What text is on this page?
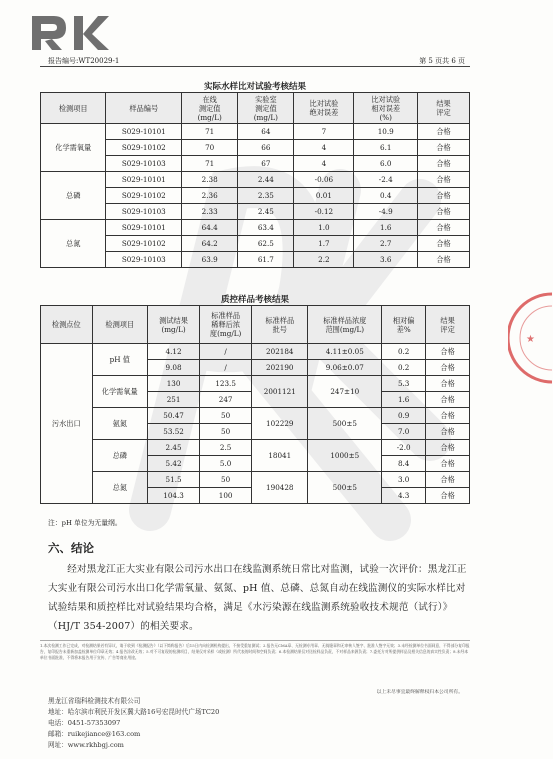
报告编号:WT20029-1	第 5 页共 6 页
实际水样比对试验考核结果
检测项目	样品编号	在线
测定值
(mg/L)	实验室
测定值
(mg/L)	比对试验
绝对误差	比对试验
相对误差
(%)	结果
评定
化学需氧量	S029-10101	71	64	7	10.9	合格
	S029-10102	70	66	4	6.1	合格
	S029-10103	71	67	4	6.0	合格
总磷	S029-10101	2.38	2.44	-0.06	-2.4	合格
	S029-10102	2.36	2.35	0.01	0.4	合格
	S029-10103	2.33	2.45	-0.12	-4.9	合格
总氮	S029-10101	64.4	63.4	1.0	1.6	合格
	S029-10102	64.2	62.5	1.7	2.7	合格
	S029-10103	63.9	61.7	2.2	3.6	合格
质控样品考核结果
检测点位	检测项目	测试结果
(mg/L)	标准样品
稀释后浓
度(mg/L)	标准样品
批号	标准样品浓度
范围(mg/L)	相对偏
差%	结果
评定
污水出口	pH 值	4.12	/	202184	4.11±0.05	0.2	合格
		9.08	/	202190	9.06±0.07	0.2	合格
	化学需氧量	130	123.5	2001121	247±10	5.3	合格
		251	247			1.6	合格
	氨氮	50.47	50	102229	500±5	0.9	合格
		53.52	50			7.0	合格
	总磷	2.45	2.5	18041	1000±5	-2.0	合格
		5.42	5.0			8.4	合格
	总氮	51.5	50	190428	500±5	3.0	合格
		104.3	100			4.3	合格
注：pH 单位为无量纲。
六、结论
经对黑龙江正大实业有限公司污水出口在线监测系统日常比对监测，试验一次评价：黑龙江正大实业有限公司污水出口化学需氧量、氨氮、pH 值、总磷、总氮自动在线监测仪的实际水样比对试验结果和质控样比对试验结果均合格，满足《水污染源在线监测系统验收技术规范（试行）》（HJ/T 354-2007）的相关要求。
1.本次检测工作已完成，对检测结果若有异议，请于收到《检测报告》（以下简称报告）后15日内向检测机构提出，不接受重复测试；2.报告无CMA章、无检测专用章、无骑缝章和无审核人签字、批准人签字无效；3.未经检测单位书面同意，不得部分复印报告，复印报告未重新加盖检测单位印章无效；4.报告涂改无效；5.对不可复现的检测项目，结果仅对采样（或检测）所代表的时间和空间负责；6.本检测结果仅对送检样品负责，不对样品来源负责；7.委托方对所提供样品及相关信息的真实性负责；8.未经本单位书面批准，不得将本报告用于宣传、广告等商业用途。
以上未尽事宜最终解释权归本公司所有。
黑龙江省瑞科检测技术有限公司
地址：哈尔滨市利民开发区冀大路16号宏昆时代广场TC20
电话：0451-57353097
邮箱：ruikejiance@163.com
网址：www.rkhbgj.com
★
